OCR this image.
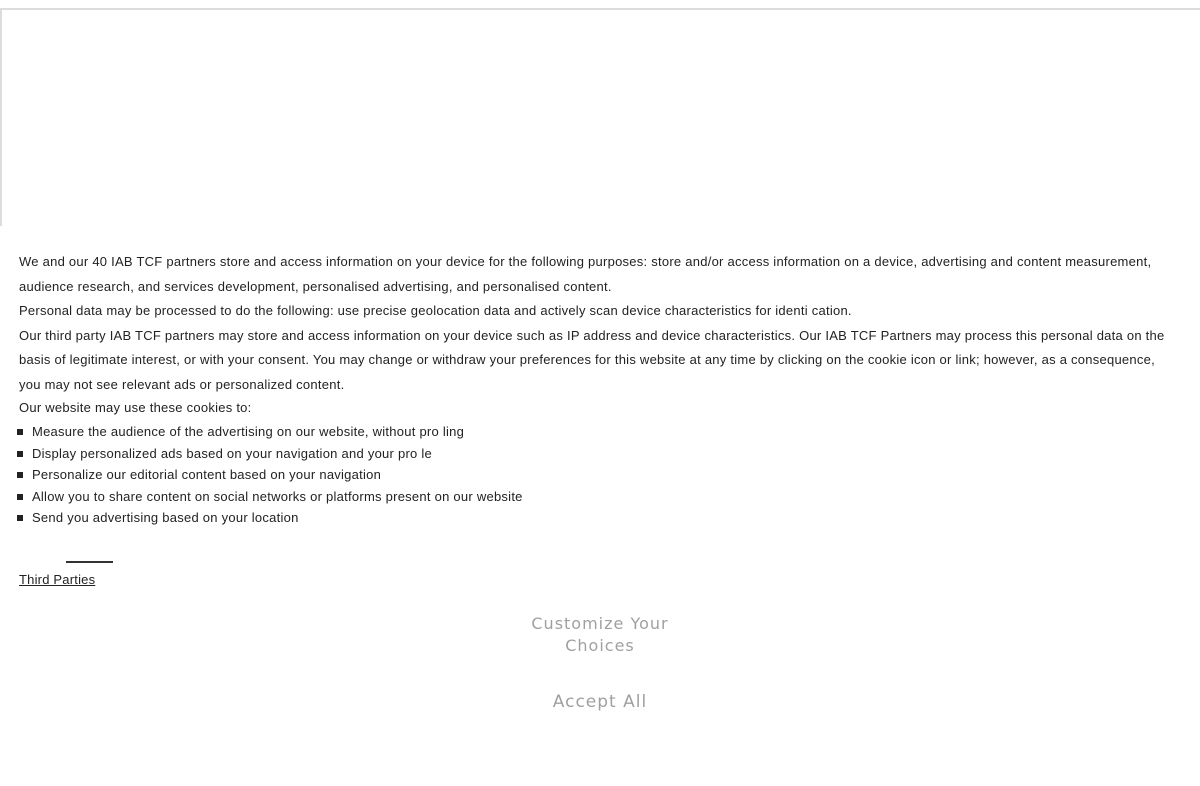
We and our 40 IAB TCF partners store and access information on your device for the following purposes: store and/or access information on a device, advertising and content measurement, audience research, and services development, personalised advertising, and personalised content.

Personal data may be processed to do the following: use precise geolocation data and actively scan device characteristics for identi cation.

Our third party IAB TCF partners may store and access information on your device such as IP address and device characteristics. Our IAB TCF Partners may process this personal data on the basis of legitimate interest, or with your consent. You may change or withdraw your preferences for this website at any time by clicking on the cookie icon or link; however, as a consequence, you may not see relevant ads or personalized content.

Our website may use these cookies to:

Measure the audience of the advertising on our website, without pro ling
Display personalized ads based on your navigation and your pro le
Personalize our editorial content based on your navigation
Allow you to share content on social networks or platforms present on our website
Send you advertising based on your location
Third Parties
Customize Your Choices
Accept All
